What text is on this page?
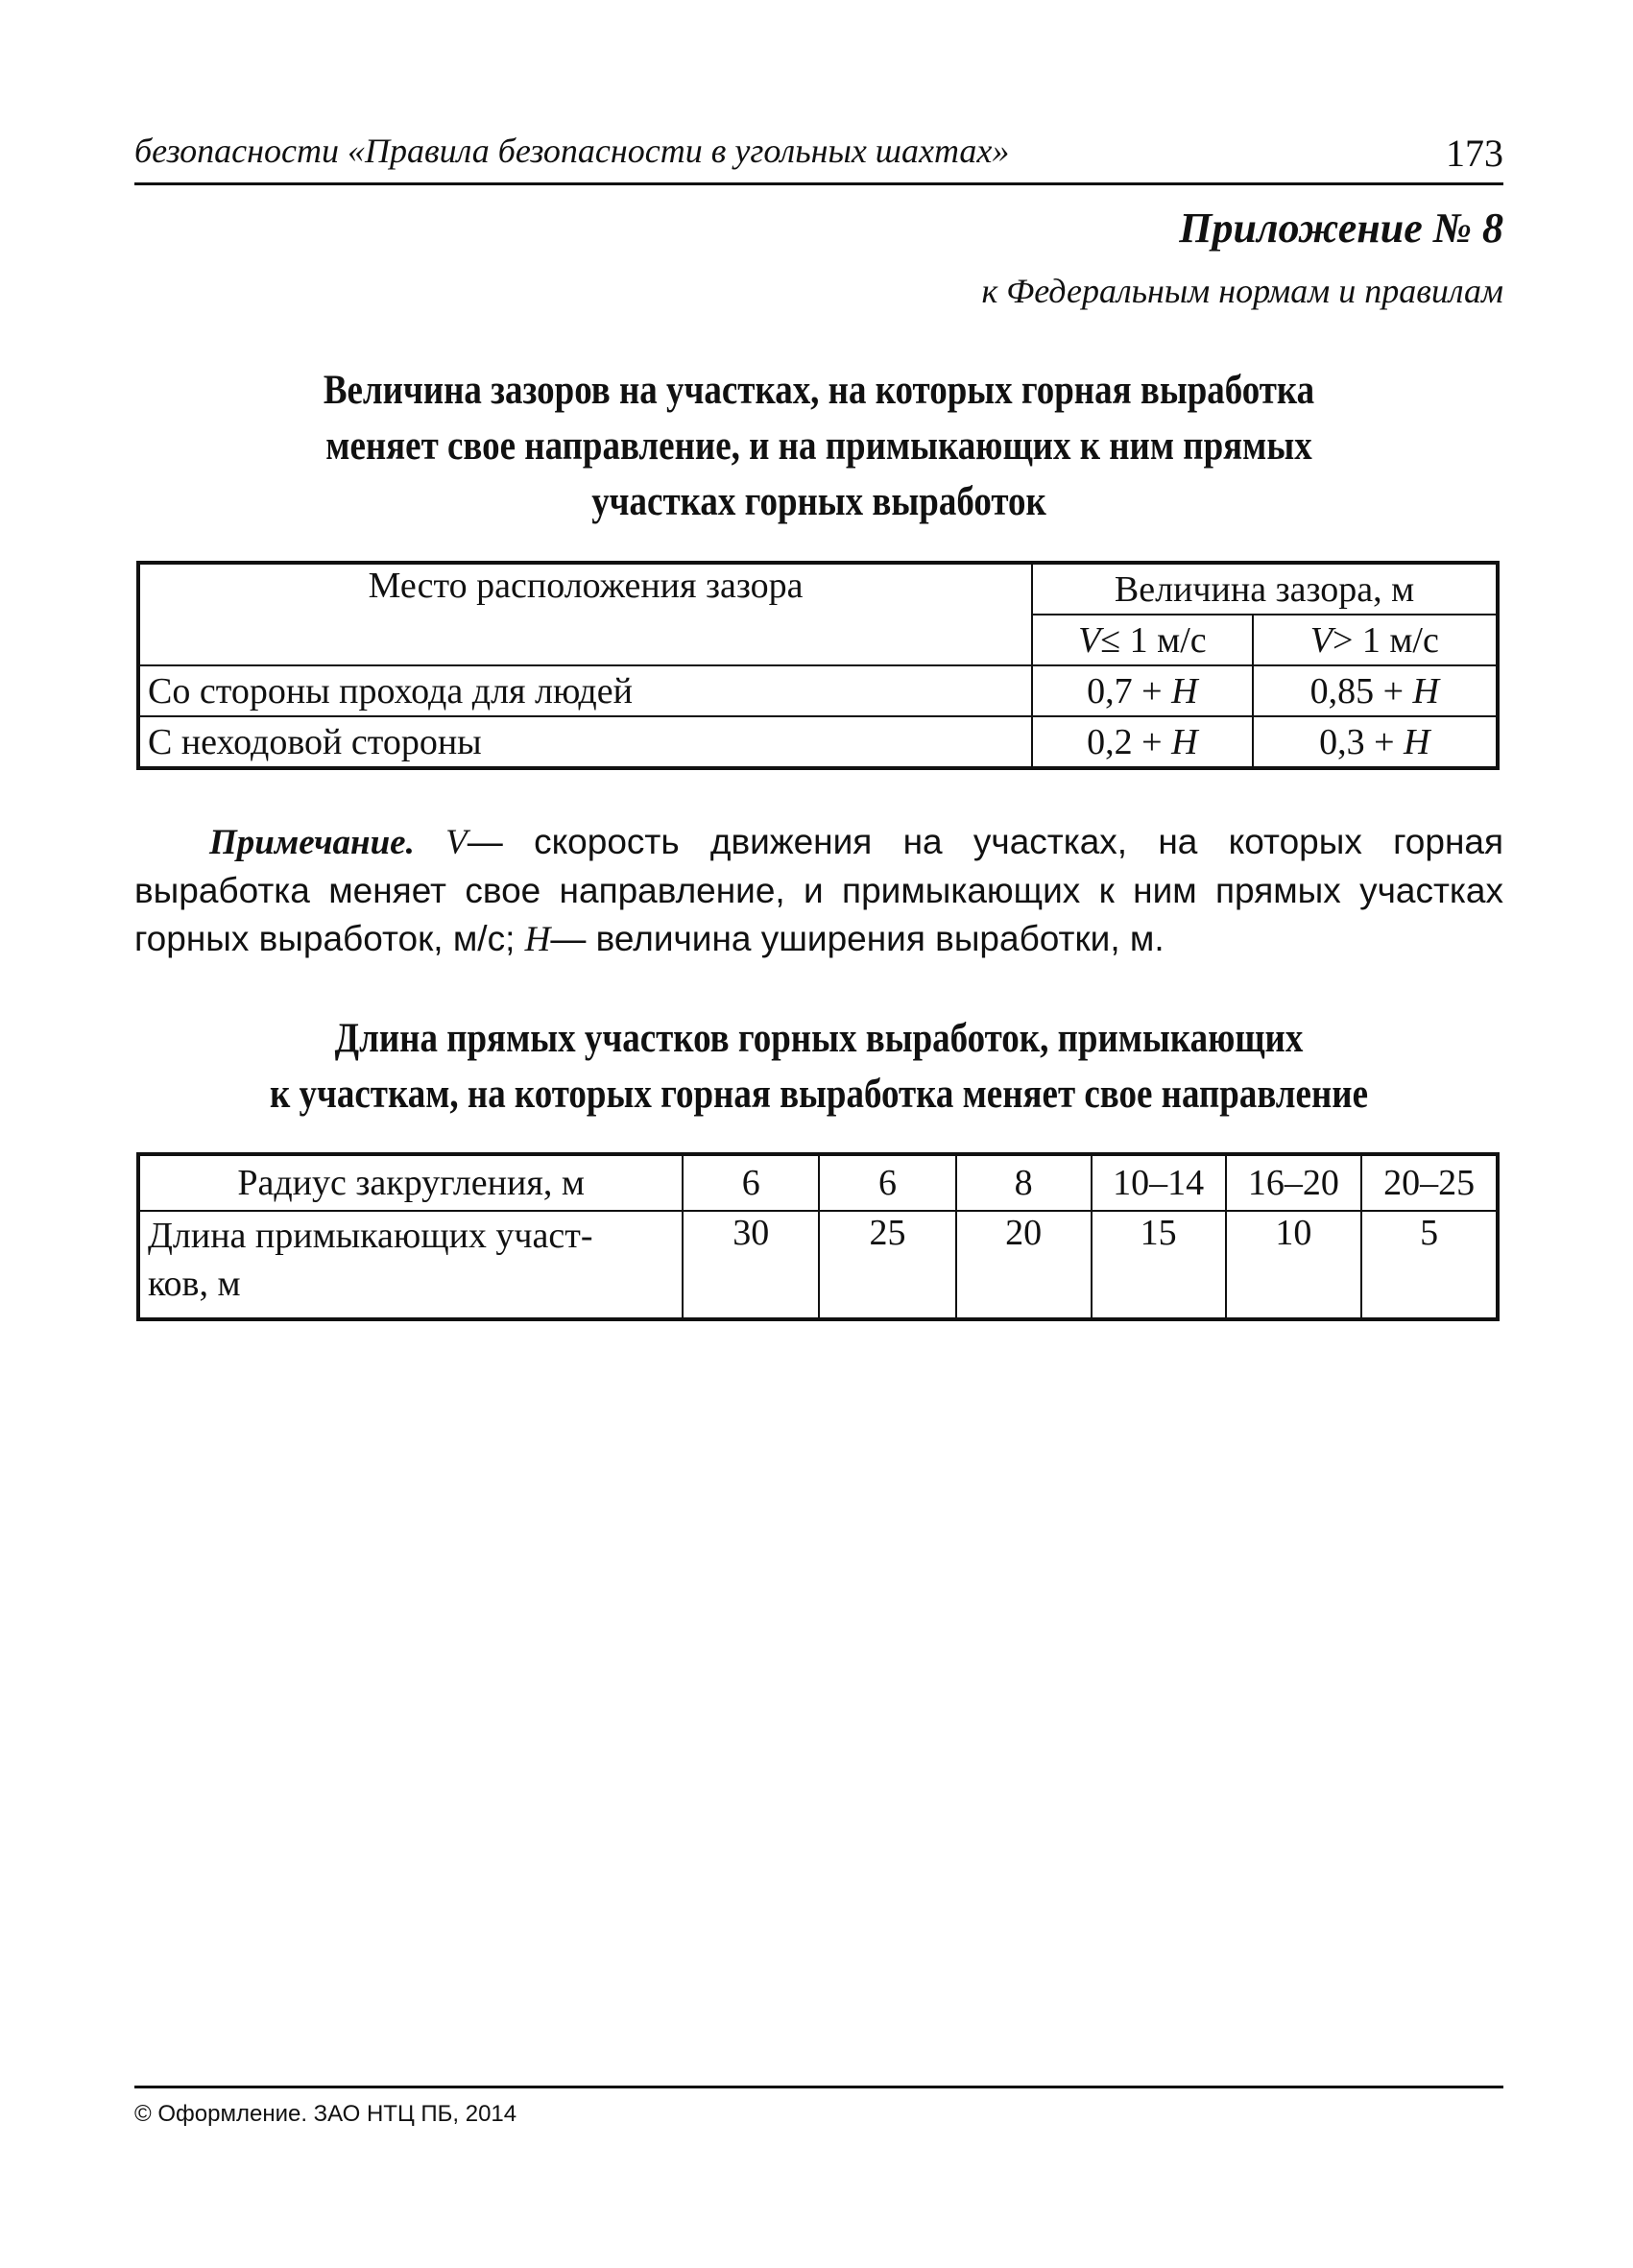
безопасности «Правила безопасности в угольных шахтах»	173
Приложение № 8
к Федеральным нормам и правилам
Величина зазоров на участках, на которых горная выработка
меняет свое направление, и на примыкающих к ним прямых
участках горных выработок
Место расположения зазора	Величина зазора, м	
	V≤ 1 м/с	V> 1 м/с
Со стороны прохода для людей	0,7 + H	0,85 + H
С неходовой стороны	0,2 + H	0,3 + H
Примечание. V— скорость движения на участках, на которых горная выработка меняет свое направление, и примыкающих к ним прямых участках горных выработок, м/с; H— величина уширения выработки, м.
Длина прямых участков горных выработок, примыкающих
к участкам, на которых горная выработка меняет свое направление
Радиус закругления, м	6	6	8	10–14	16–20	20–25
Длина примыкающих участ-
ков, м	30	25	20	15	10	5
© Оформление. ЗАО НТЦ ПБ, 2014
